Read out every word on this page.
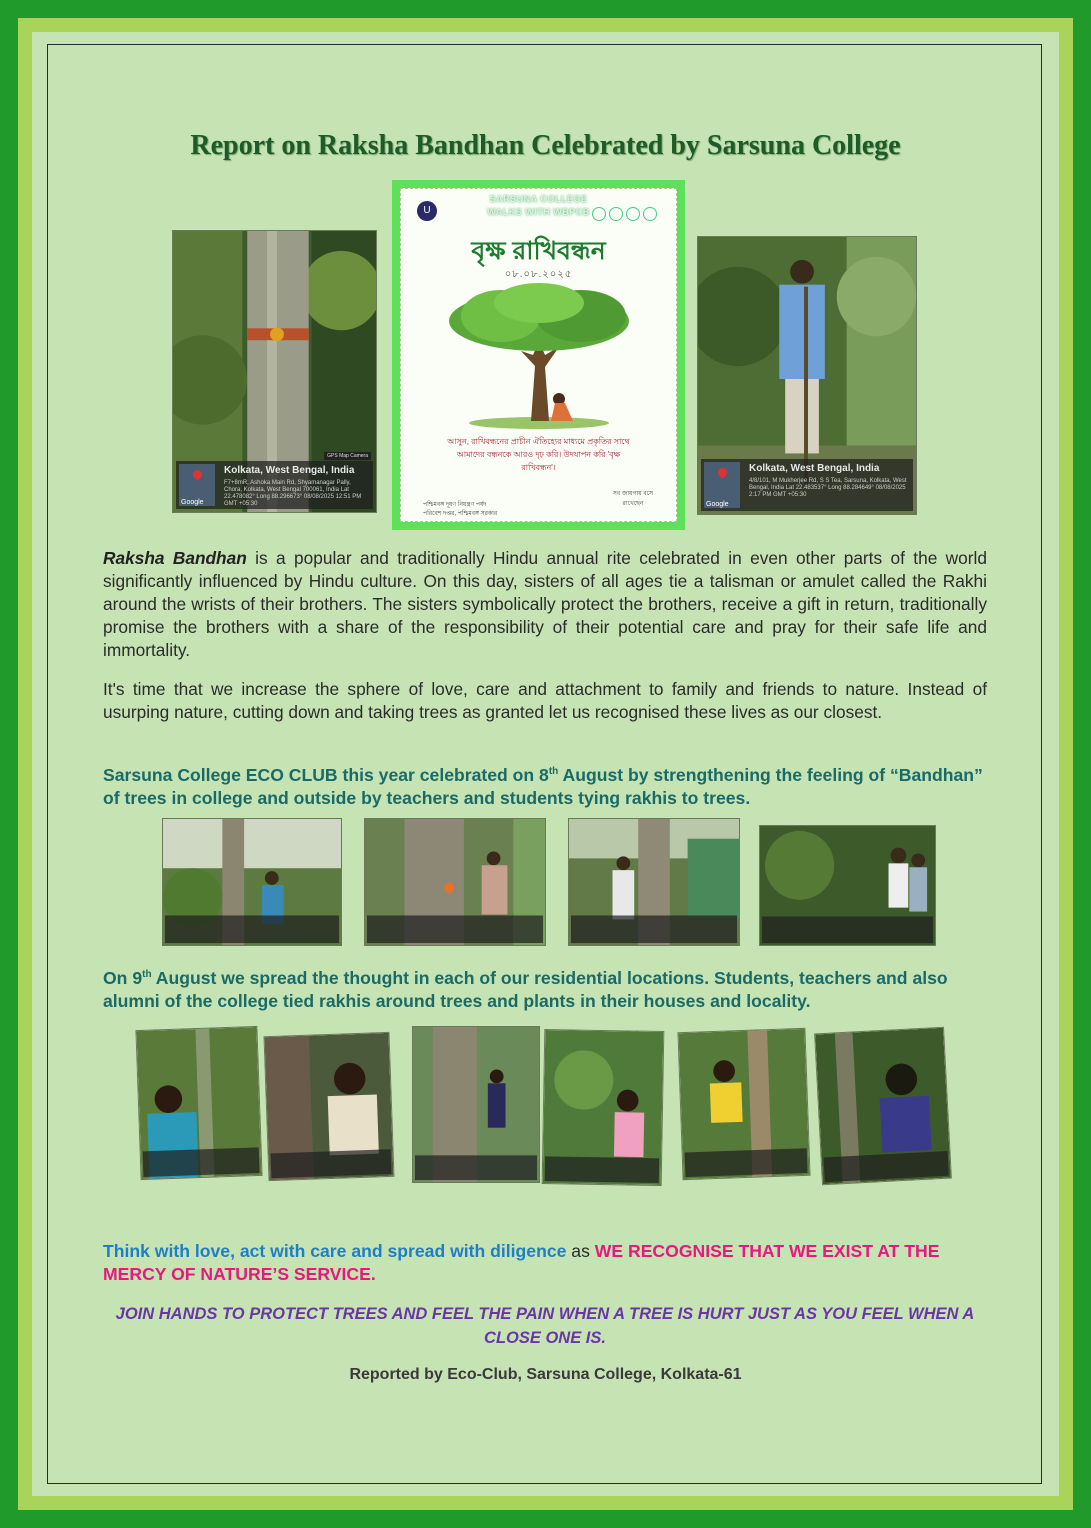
Report on Raksha Bandhan Celebrated by Sarsuna College
GPS Map Camera
Kolkata, West Bengal, India
F7+8mR, Ashoka Main Rd, Shyamanagar Pally, Chora, Kolkata, West Bengal 700061, India Lat 22.478082° Long 88.296673° 08/08/2025 12:51 PM GMT +05:30
Google
U
SARSUNA COLLEGE
WALKS WITH WBPCB
বৃক্ষ রাখিবন্ধন
০৮.০৮.২০২৫
আসুন, রাখিবন্ধনের প্রাচীন ঐতিহ্যের মাধ্যমে প্রকৃতির সাথে আমাদের বন্ধনকে আরও দৃঢ় করি। উদযাপন করি 'বৃক্ষ রাখিবন্ধন'।
সব জায়গায় বসে রাখেছেন
পশ্চিমবঙ্গ দূষণ নিয়ন্ত্রণ পর্ষদ
পরিবেশ দপ্তর, পশ্চিমবঙ্গ সরকার
Kolkata, West Bengal, India
4/8/101, M Mukherjee Rd, S S Tea, Sarsuna, Kolkata, West Bengal, India Lat 22.483537° Long 88.284649° 08/08/2025 2:17 PM GMT +05:30
Google
Raksha Bandhan is a popular and traditionally Hindu annual rite celebrated in even other parts of the world significantly influenced by Hindu culture. On this day, sisters of all ages tie a talisman or amulet called the Rakhi around the wrists of their brothers. The sisters symbolically protect the brothers, receive a gift in return, traditionally promise the brothers with a share of the responsibility of their potential care and pray for their safe life and immortality.
It's time that we increase the sphere of love, care and attachment to family and friends to nature. Instead of usurping nature, cutting down and taking trees as granted let us recognised these lives as our closest.
Sarsuna College ECO CLUB this year celebrated on 8th August by strengthening the feeling of “Bandhan” of trees in college and outside by teachers and students tying rakhis to trees.
On 9th August we spread the thought in each of our residential locations. Students, teachers and also alumni of the college tied rakhis around trees and plants in their houses and locality.
Think with love, act with care and spread with diligence as WE RECOGNISE THAT WE EXIST AT THE MERCY OF NATURE’S SERVICE.
JOIN HANDS TO PROTECT TREES AND FEEL THE PAIN WHEN A TREE IS HURT JUST AS YOU FEEL WHEN A CLOSE ONE IS.
Reported by Eco-Club, Sarsuna College, Kolkata-61
